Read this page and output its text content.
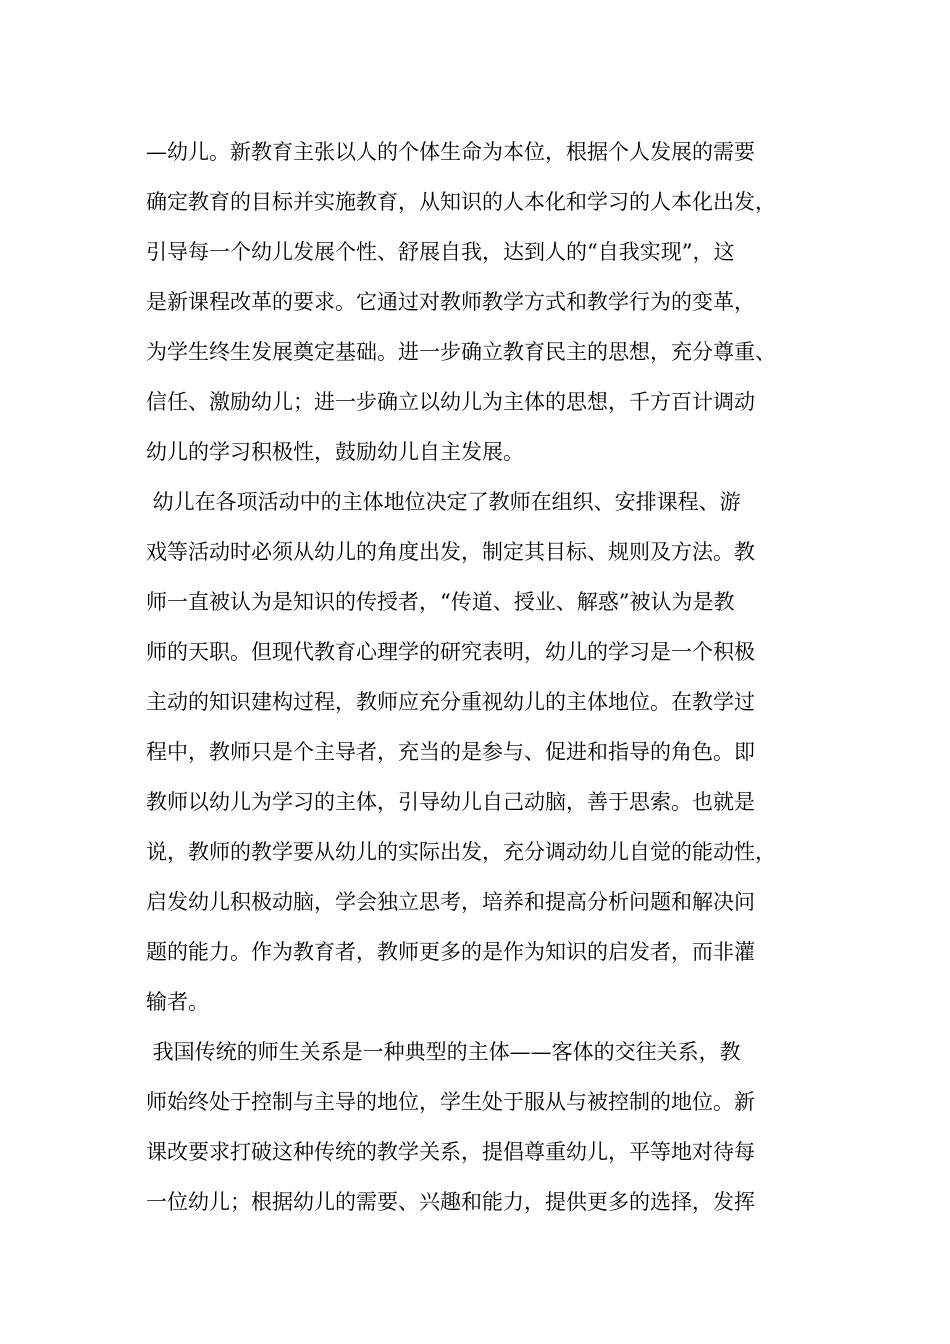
—幼儿。新教育主张以人的个体生命为本位，根据个人发展的需要
确定教育的目标并实施教育，从知识的人本化和学习的人本化出发，
引导每一个幼儿发展个性、舒展自我，达到人的“自我实现”，这
是新课程改革的要求。它通过对教师教学方式和教学行为的变革，
为学生终生发展奠定基础。进一步确立教育民主的思想，充分尊重、
信任、激励幼儿；进一步确立以幼儿为主体的思想，千方百计调动
幼儿的学习积极性，鼓励幼儿自主发展。
幼儿在各项活动中的主体地位决定了教师在组织、安排课程、游
戏等活动时必须从幼儿的角度出发，制定其目标、规则及方法。教
师一直被认为是知识的传授者，“传道、授业、解惑”被认为是教
师的天职。但现代教育心理学的研究表明，幼儿的学习是一个积极
主动的知识建构过程，教师应充分重视幼儿的主体地位。在教学过
程中，教师只是个主导者，充当的是参与、促进和指导的角色。即
教师以幼儿为学习的主体，引导幼儿自己动脑，善于思索。也就是
说，教师的教学要从幼儿的实际出发，充分调动幼儿自觉的能动性，
启发幼儿积极动脑，学会独立思考，培养和提高分析问题和解决问
题的能力。作为教育者，教师更多的是作为知识的启发者，而非灌
输者。
我国传统的师生关系是一种典型的主体——客体的交往关系，教
师始终处于控制与主导的地位，学生处于服从与被控制的地位。新
课改要求打破这种传统的教学关系，提倡尊重幼儿，平等地对待每
一位幼儿；根据幼儿的需要、兴趣和能力，提供更多的选择，发挥
